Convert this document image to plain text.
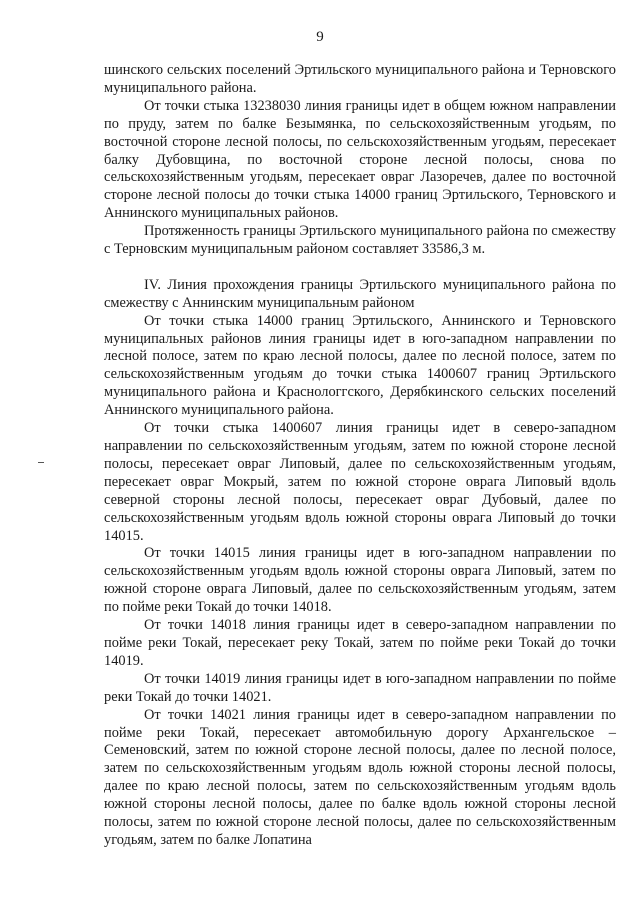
9

шинского сельских поселений Эртильского муниципального района и Терновского муниципального района.

От точки стыка 13238030 линия границы идет в общем южном направлении по пруду, затем по балке Безымянка, по сельскохозяйственным угодьям, по восточной стороне лесной полосы, по сельскохозяйственным угодьям, пересекает балку Дубовщина, по восточной стороне лесной полосы, снова по сельскохозяйственным угодьям, пересекает овраг Лазоречев, далее по восточной стороне лесной полосы до точки стыка 14000 границ Эртильского, Терновского и Аннинского муниципальных районов.

Протяженность границы Эртильского муниципального района по смежеству с Терновским муниципальным районом составляет 33586,3 м.

IV. Линия прохождения границы Эртильского муниципального района по смежеству с Аннинским муниципальным районом

От точки стыка 14000 границ Эртильского, Аннинского и Терновского муниципальных районов линия границы идет в юго-западном направлении по лесной полосе, затем по краю лесной полосы, далее по лесной полосе, затем по сельскохозяйственным угодьям до точки стыка 1400607 границ Эртильского муниципального района и Краснологгского, Дерябкинского сельских поселений Аннинского муниципального района.

От точки стыка 1400607 линия границы идет в северо-западном направлении по сельскохозяйственным угодьям, затем по южной стороне лесной полосы, пересекает овраг Липовый, далее по сельскохозяйственным угодьям, пересекает овраг Мокрый, затем по южной стороне оврага Липовый вдоль северной стороны лесной полосы, пересекает овраг Дубовый, далее по сельскохозяйственным угодьям вдоль южной стороны оврага Липовый до точки 14015.

От точки 14015 линия границы идет в юго-западном направлении по сельскохозяйственным угодьям вдоль южной стороны оврага Липовый, затем по южной стороне оврага Липовый, далее по сельскохозяйственным угодьям, затем по пойме реки Токай до точки 14018.

От точки 14018 линия границы идет в северо-западном направлении по пойме реки Токай, пересекает реку Токай, затем по пойме реки Токай до точки 14019.

От точки 14019 линия границы идет в юго-западном направлении по пойме реки Токай до точки 14021.

От точки 14021 линия границы идет в северо-западном направлении по пойме реки Токай, пересекает автомобильную дорогу Архангельское – Семеновский, затем по южной стороне лесной полосы, далее по лесной полосе, затем по сельскохозяйственным угодьям вдоль южной стороны лесной полосы, далее по краю лесной полосы, затем по сельскохозяйственным угодьям вдоль южной стороны лесной полосы, далее по балке вдоль южной стороны лесной полосы, затем по южной стороне лесной полосы, далее по сельскохозяйственным угодьям, затем по балке Лопатина
